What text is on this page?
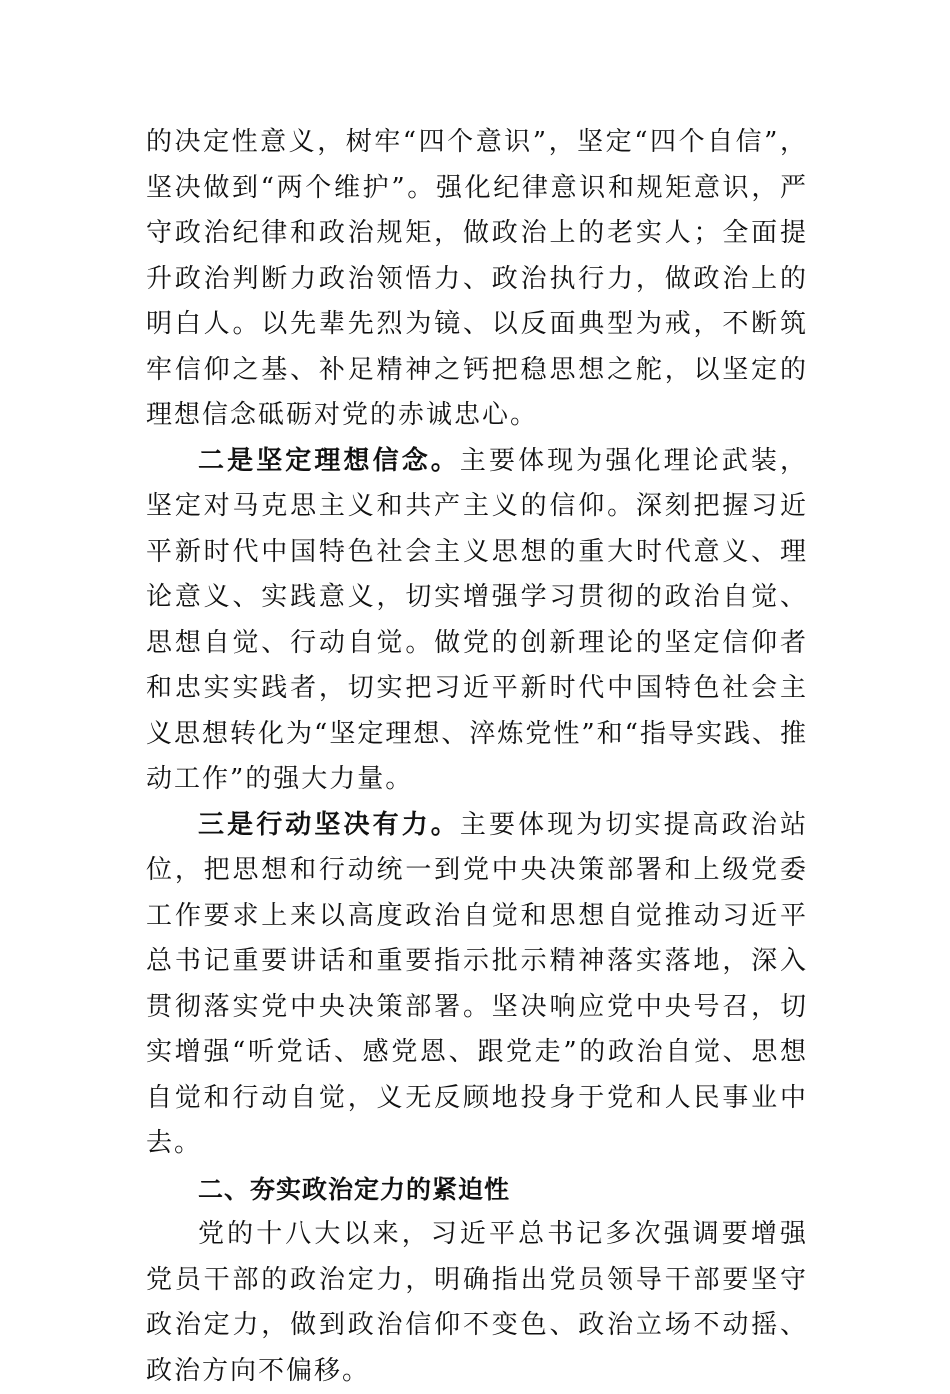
的决定性意义，树牢“四个意识”，坚定“四个自信”，坚决做到“两个维护”。强化纪律意识和规矩意识，严守政治纪律和政治规矩，做政治上的老实人；全面提升政治判断力政治领悟力、政治执行力，做政治上的明白人。以先辈先烈为镜、以反面典型为戒，不断筑牢信仰之基、补足精神之钙把稳思想之舵，以坚定的理想信念砥砺对党的赤诚忠心。

二是坚定理想信念。主要体现为强化理论武装，坚定对马克思主义和共产主义的信仰。深刻把握习近平新时代中国特色社会主义思想的重大时代意义、理论意义、实践意义，切实增强学习贯彻的政治自觉、思想自觉、行动自觉。做党的创新理论的坚定信仰者和忠实实践者，切实把习近平新时代中国特色社会主义思想转化为“坚定理想、淬炼党性”和“指导实践、推动工作”的强大力量。

三是行动坚决有力。主要体现为切实提高政治站位，把思想和行动统一到党中央决策部署和上级党委工作要求上来以高度政治自觉和思想自觉推动习近平总书记重要讲话和重要指示批示精神落实落地，深入贯彻落实党中央决策部署。坚决响应党中央号召，切实增强“听党话、感党恩、跟党走”的政治自觉、思想自觉和行动自觉，义无反顾地投身于党和人民事业中去。

二、夯实政治定力的紧迫性

党的十八大以来，习近平总书记多次强调要增强党员干部的政治定力，明确指出党员领导干部要坚守政治定力，做到政治信仰不变色、政治立场不动摇、政治方向不偏移。
